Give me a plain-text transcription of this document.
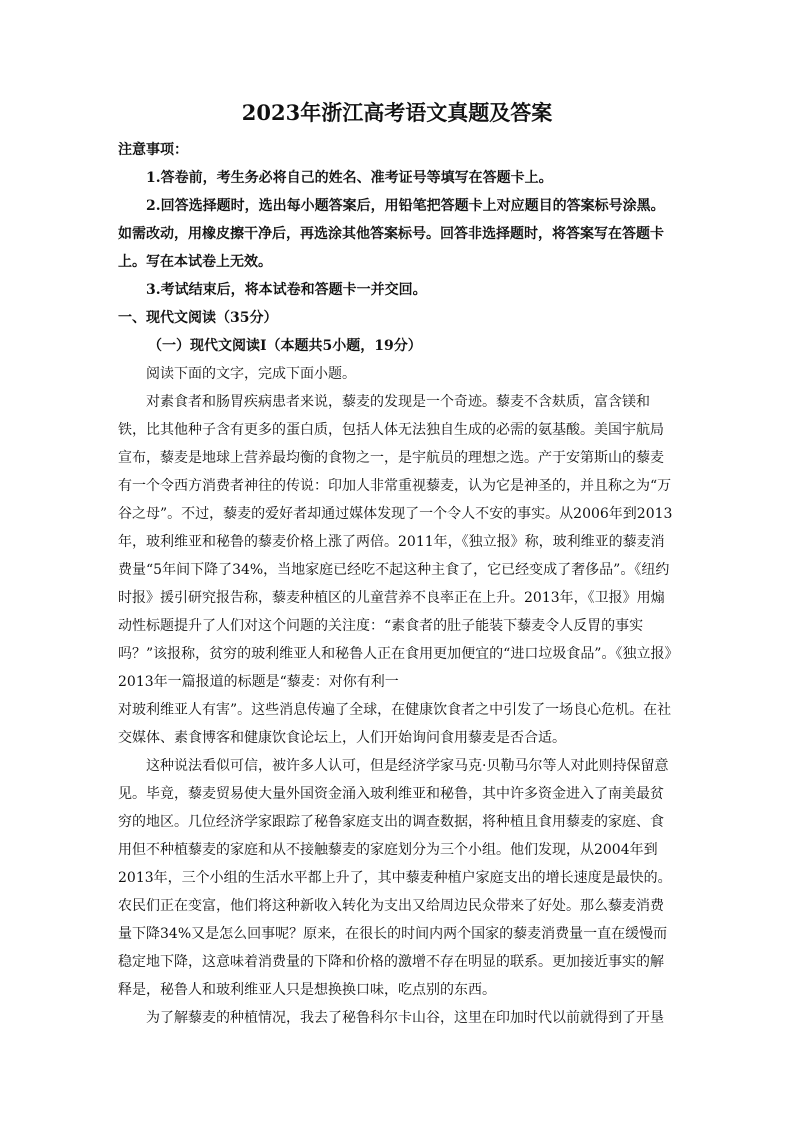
2023年浙江高考语文真题及答案

注意事项：

1.答卷前，考生务必将自己的姓名、准考证号等填写在答题卡上。

2.回答选择题时，选出每小题答案后，用铅笔把答题卡上对应题目的答案标号涂黑。如需改动，用橡皮擦干净后，再选涂其他答案标号。回答非选择题时，将答案写在答题卡上。写在本试卷上无效。

3.考试结束后，将本试卷和答题卡一并交回。

一、现代文阅读（35分）

（一）现代文阅读Ⅰ（本题共5小题，19分）

阅读下面的文字，完成下面小题。

对素食者和肠胃疾病患者来说，藜麦的发现是一个奇迹。藜麦不含麸质，富含镁和铁，比其他种子含有更多的蛋白质，包括人体无法独自生成的必需的氨基酸。美国宇航局宣布，藜麦是地球上营养最均衡的食物之一，是宇航员的理想之选。产于安第斯山的藜麦有一个令西方消费者神往的传说：印加人非常重视藜麦，认为它是神圣的，并且称之为“万谷之母”。不过，藜麦的爱好者却通过媒体发现了一个令人不安的事实。从2006年到2013年，玻利维亚和秘鲁的藜麦价格上涨了两倍。2011年，《独立报》称，玻利维亚的藜麦消费量“5年间下降了34%，当地家庭已经吃不起这种主食了，它已经变成了奢侈品”。《纽约时报》援引研究报告称，藜麦种植区的儿童营养不良率正在上升。2013年，《卫报》用煽动性标题提升了人们对这个问题的关注度：“素食者的肚子能装下藜麦令人反胃的事实吗？”该报称，贫穷的玻利维亚人和秘鲁人正在食用更加便宜的“进口垃圾食品”。《独立报》2013年一篇报道的标题是“藜麦：对你有利一

对玻利维亚人有害”。这些消息传遍了全球，在健康饮食者之中引发了一场良心危机。在社交媒体、素食博客和健康饮食论坛上，人们开始询问食用藜麦是否合适。

这种说法看似可信，被许多人认可，但是经济学家马克·贝勒马尔等人对此则持保留意见。毕竟，藜麦贸易使大量外国资金涌入玻利维亚和秘鲁，其中许多资金进入了南美最贫穷的地区。几位经济学家跟踪了秘鲁家庭支出的调查数据，将种植且食用藜麦的家庭、食用但不种植藜麦的家庭和从不接触藜麦的家庭划分为三个小组。他们发现，从2004年到2013年，三个小组的生活水平都上升了，其中藜麦种植户家庭支出的增长速度是最快的。农民们正在变富，他们将这种新收入转化为支出又给周边民众带来了好处。那么藜麦消费量下降34%又是怎么回事呢？原来，在很长的时间内两个国家的藜麦消费量一直在缓慢而稳定地下降，这意味着消费量的下降和价格的激增不存在明显的联系。更加接近事实的解释是，秘鲁人和玻利维亚人只是想换换口味，吃点别的东西。

为了解藜麦的种植情况，我去了秘鲁科尔卡山谷，这里在印加时代以前就得到了开垦
